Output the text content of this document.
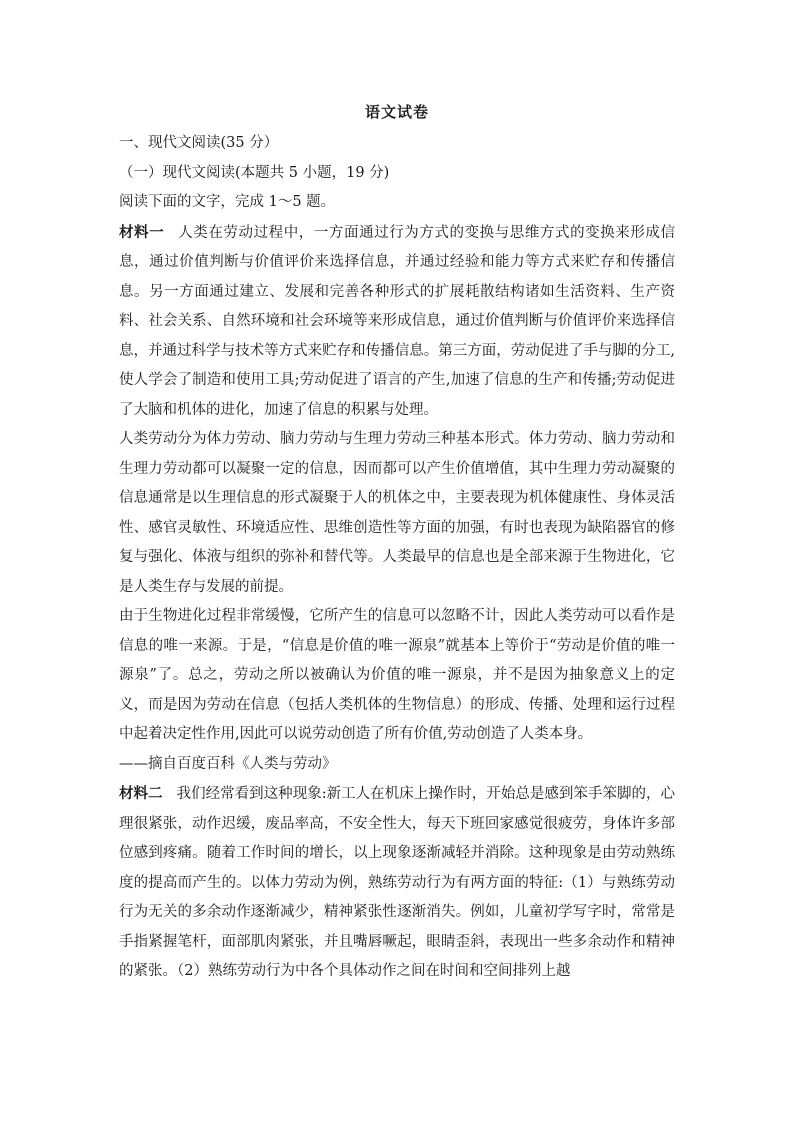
语文试卷
一、现代文阅读(35 分）
（一）现代文阅读(本题共 5 小题，19 分)
阅读下面的文字，完成 1～5 题。
材料一 人类在劳动过程中，一方面通过行为方式的变换与思维方式的变换来形成信息，通过价值判断与价值评价来选择信息，并通过经验和能力等方式来贮存和传播信息。另一方面通过建立、发展和完善各种形式的扩展耗散结构诸如生活资料、生产资料、社会关系、自然环境和社会环境等来形成信息，通过价值判断与价值评价来选择信息，并通过科学与技术等方式来贮存和传播信息。第三方面，劳动促进了手与脚的分工,使人学会了制造和使用工具;劳动促进了语言的产生,加速了信息的生产和传播;劳动促进了大脑和机体的进化，加速了信息的积累与处理。
人类劳动分为体力劳动、脑力劳动与生理力劳动三种基本形式。体力劳动、脑力劳动和生理力劳动都可以凝聚一定的信息，因而都可以产生价值增值，其中生理力劳动凝聚的信息通常是以生理信息的形式凝聚于人的机体之中，主要表现为机体健康性、身体灵活性、感官灵敏性、环境适应性、思维创造性等方面的加强，有时也表现为缺陷器官的修复与强化、体液与组织的弥补和替代等。人类最早的信息也是全部来源于生物进化，它是人类生存与发展的前提。
由于生物进化过程非常缓慢，它所产生的信息可以忽略不计，因此人类劳动可以看作是信息的唯一来源。于是，“信息是价值的唯一源泉”就基本上等价于“劳动是价值的唯一源泉”了。总之，劳动之所以被确认为价值的唯一源泉，并不是因为抽象意义上的定义，而是因为劳动在信息（包括人类机体的生物信息）的形成、传播、处理和运行过程中起着决定性作用,因此可以说劳动创造了所有价值,劳动创造了人类本身。
——摘自百度百科《人类与劳动》
材料二 我们经常看到这种现象:新工人在机床上操作时，开始总是感到笨手笨脚的，心理很紧张，动作迟缓，废品率高，不安全性大，每天下班回家感觉很疲劳，身体许多部位感到疼痛。随着工作时间的增长，以上现象逐渐减轻并消除。这种现象是由劳动熟练度的提高而产生的。以体力劳动为例，熟练劳动行为有两方面的特征:（1）与熟练劳动行为无关的多余动作逐渐减少，精神紧张性逐渐消失。例如，儿童初学写字时，常常是手指紧握笔杆，面部肌肉紧张，并且嘴唇噘起，眼睛歪斜，表现出一些多余动作和精神的紧张。（2）熟练劳动行为中各个具体动作之间在时间和空间排列上越
